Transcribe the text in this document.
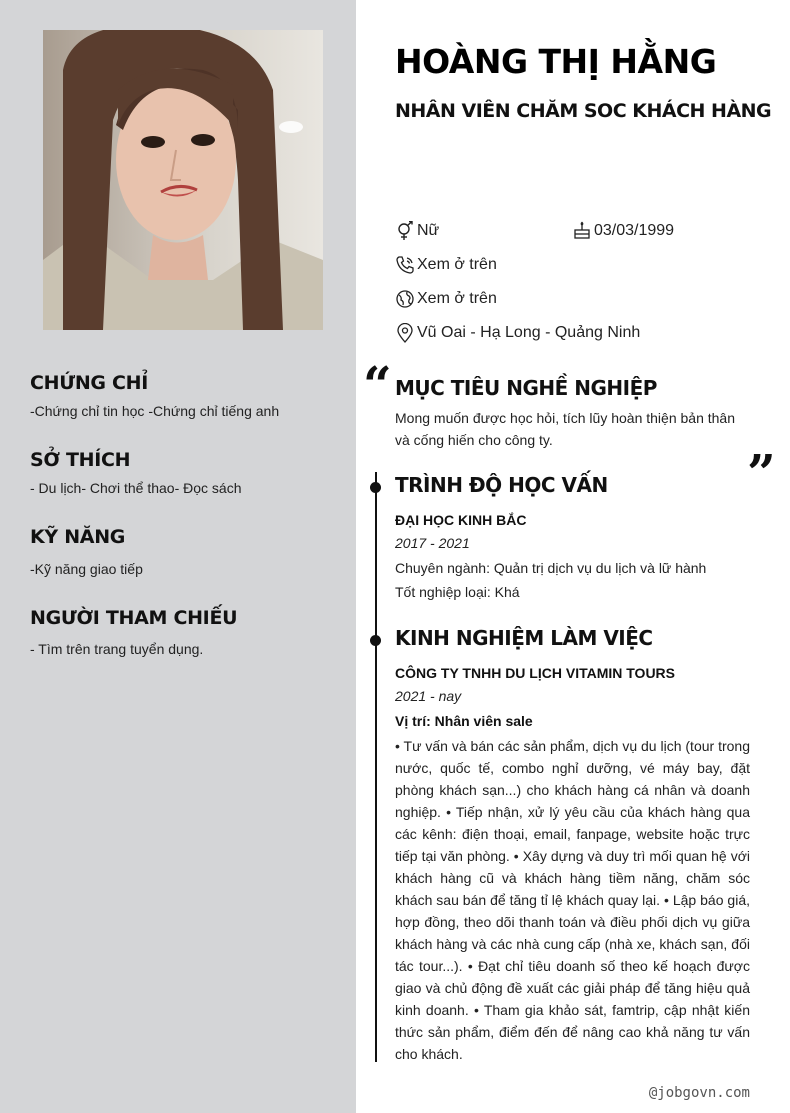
CHỨNG CHỈ
-Chứng chỉ tin học -Chứng chỉ tiếng anh
SỞ THÍCH
- Du lịch- Chơi thể thao- Đọc sách
KỸ NĂNG
-Kỹ năng giao tiếp
NGƯỜI THAM CHIẾU
- Tìm trên trang tuyển dụng.
HOÀNG THỊ HẰNG
NHÂN VIÊN CHĂM SOC KHÁCH HÀNG
Nữ	03/03/1999
Xem ở trên
Xem ở trên
Vũ Oai - Hạ Long - Quảng Ninh
“ MỤC TIÊU NGHỀ NGHIỆP
Mong muốn được học hỏi, tích lũy hoàn thiện bản thân và cống hiến cho công ty.
”
TRÌNH ĐỘ HỌC VẤN
ĐẠI HỌC KINH BẮC
2017 - 2021
Chuyên ngành: Quản trị dịch vụ du lịch và lữ hành
Tốt nghiệp loại: Khá
KINH NGHIỆM LÀM VIỆC
CÔNG TY TNHH DU LỊCH VITAMIN TOURS
2021 - nay
Vị trí: Nhân viên sale
• Tư vấn và bán các sản phẩm, dịch vụ du lịch (tour trong nước, quốc tế, combo nghỉ dưỡng, vé máy bay, đặt phòng khách sạn...) cho khách hàng cá nhân và doanh nghiệp. • Tiếp nhận, xử lý yêu cầu của khách hàng qua các kênh: điện thoại, email, fanpage, website hoặc trực tiếp tại văn phòng. • Xây dựng và duy trì mối quan hệ với khách hàng cũ và khách hàng tiềm năng, chăm sóc khách sau bán để tăng tỉ lệ khách quay lại. • Lập báo giá, hợp đồng, theo dõi thanh toán và điều phối dịch vụ giữa khách hàng và các nhà cung cấp (nhà xe, khách sạn, đối tác tour...). • Đạt chỉ tiêu doanh số theo kế hoạch được giao và chủ động đề xuất các giải pháp để tăng hiệu quả kinh doanh. • Tham gia khảo sát, famtrip, cập nhật kiến thức sản phẩm, điểm đến để nâng cao khả năng tư vấn cho khách.
@jobgovn.com
